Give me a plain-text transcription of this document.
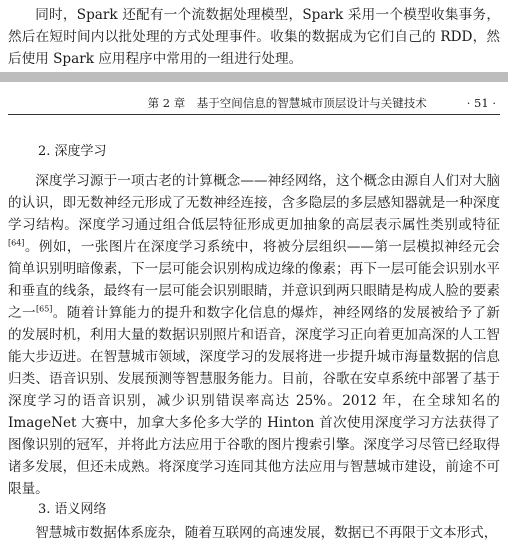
同时，Spark 还配有一个流数据处理模型，Spark 采用一个模型收集事务，然后在短时间内以批处理的方式处理事件。收集的数据成为它们自己的 RDD，然后使用 Spark 应用程序中常用的一组进行处理。

第 2 章　基于空间信息的智慧城市顶层设计与关键技术	· 51 ·
2. 深度学习

深度学习源于一项古老的计算概念——神经网络，这个概念由源自人们对大脑的认识，即无数神经元形成了无数神经连接，含多隐层的多层感知器就是一种深度学习结构。深度学习通过组合低层特征形成更加抽象的高层表示属性类别或特征[64]。例如，一张图片在深度学习系统中，将被分层组织——第一层模拟神经元会简单识别明暗像素，下一层可能会识别构成边缘的像素；再下一层可能会识别水平和垂直的线条，最终有一层可能会识别眼睛，并意识到两只眼睛是构成人脸的要素之一[65]。随着计算能力的提升和数字化信息的爆炸，神经网络的发展被给予了新的发展时机，利用大量的数据识别照片和语音，深度学习正向着更加高深的人工智能大步迈进。在智慧城市领域，深度学习的发展将进一步提升城市海量数据的信息归类、语音识别、发展预测等智慧服务能力。目前，谷歌在安卓系统中部署了基于深度学习的语音识别，减少识别错误率高达 25%。2012 年，在全球知名的 ImageNet 大赛中，加拿大多伦多大学的 Hinton 首次使用深度学习方法获得了图像识别的冠军，并将此方法应用于谷歌的图片搜索引擎。深度学习尽管已经取得诸多发展，但还未成熟。将深度学习连同其他方法应用与智慧城市建设，前途不可限量。

3. 语义网络

智慧城市数据体系庞杂，随着互联网的高速发展，数据已不再限于文本形式，
